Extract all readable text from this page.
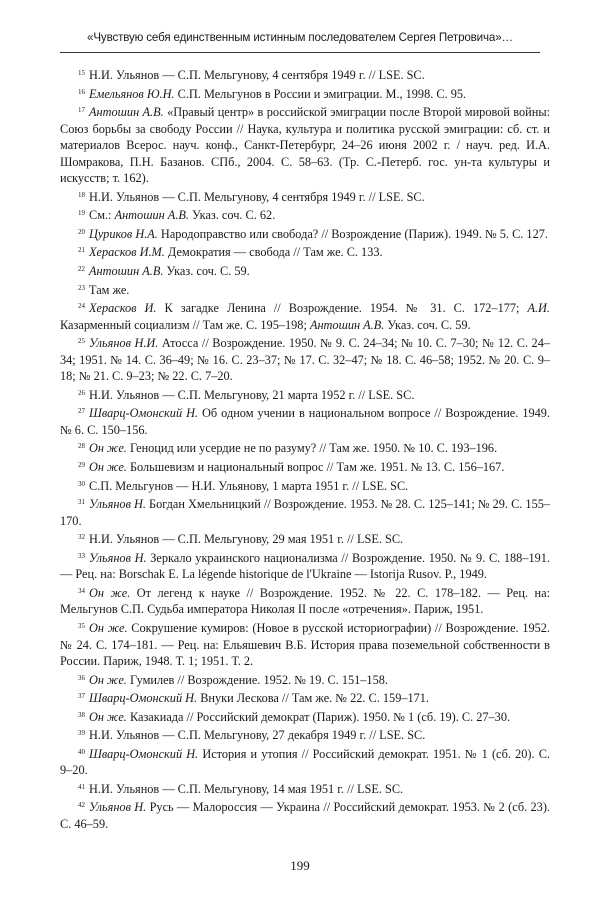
«Чувствую себя единственным истинным последователем Сергея Петровича»…

$^{15}$ Н.И. Ульянов — С.П. Мельгунову, 4 сентября 1949 г. // LSE. SC.

$^{16}$ Емельянов Ю.Н. С.П. Мельгунов в России и эмиграции. М., 1998. С. 95.

$^{17}$ Антошин А.В. «Правый центр» в российской эмиграции после Второй мировой войны: Союз борьбы за свободу России // Наука, культура и политика русской эмиграции: сб. ст. и материалов Всерос. науч. конф., Санкт-Петербург, 24–26 июня 2002 г. / науч. ред. И.А. Шомракова, П.Н. Базанов. СПб., 2004. С. 58–63. (Тр. С.-Петерб. гос. ун-та культуры и искусств; т. 162).

$^{18}$ Н.И. Ульянов — С.П. Мельгунову, 4 сентября 1949 г. // LSE. SC.

$^{19}$ См.: Антошин А.В. Указ. соч. С. 62.

$^{20}$ Цуриков Н.А. Народоправство или свобода? // Возрождение (Париж). 1949. № 5. С. 127.

$^{21}$ Херасков И.М. Демократия — свобода // Там же. С. 133.

$^{22}$ Антошин А.В. Указ. соч. С. 59.

$^{23}$ Там же.

$^{24}$ Херасков И. К загадке Ленина // Возрождение. 1954. № 31. С. 172–177; А.И. Казарменный социализм // Там же. С. 195–198; Антошин А.В. Указ. соч. С. 59.

$^{25}$ Ульянов Н.И. Атосса // Возрождение. 1950. № 9. С. 24–34; № 10. С. 7–30; № 12. С. 24–34; 1951. № 14. С. 36–49; № 16. С. 23–37; № 17. С. 32–47; № 18. С. 46–58; 1952. № 20. С. 9–18; № 21. С. 9–23; № 22. С. 7–20.

$^{26}$ Н.И. Ульянов — С.П. Мельгунову, 21 марта 1952 г. // LSE. SC.

$^{27}$ Шварц-Омонский Н. Об одном учении в национальном вопросе // Возрождение. 1949. № 6. С. 150–156.

$^{28}$ Он же. Геноцид или усердие не по разуму? // Там же. 1950. № 10. С. 193–196.

$^{29}$ Он же. Большевизм и национальный вопрос // Там же. 1951. № 13. С. 156–167.

$^{30}$ С.П. Мельгунов — Н.И. Ульянову, 1 марта 1951 г. // LSE. SC.

$^{31}$ Ульянов Н. Богдан Хмельницкий // Возрождение. 1953. № 28. С. 125–141; № 29. С. 155–170.

$^{32}$ Н.И. Ульянов — С.П. Мельгунову, 29 мая 1951 г. // LSE. SC.

$^{33}$ Ульянов Н. Зеркало украинского национализма // Возрождение. 1950. № 9. С. 188–191. — Рец. на: Borschak E. La légende historique de l'Ukraine — Istorija Rusov. P., 1949.

$^{34}$ Он же. От легенд к науке // Возрождение. 1952. № 22. С. 178–182. — Рец. на: Мельгунов С.П. Судьба императора Николая II после «отречения». Париж, 1951.

$^{35}$ Он же. Сокрушение кумиров: (Новое в русской историографии) // Возрождение. 1952. № 24. С. 174–181. — Рец. на: Ельяшевич В.Б. История права поземельной собственности в России. Париж, 1948. Т. 1; 1951. Т. 2.

$^{36}$ Он же. Гумилев // Возрождение. 1952. № 19. С. 151–158.

$^{37}$ Шварц-Омонский Н. Внуки Лескова // Там же. № 22. С. 159–171.

$^{38}$ Он же. Казакиада // Российский демократ (Париж). 1950. № 1 (сб. 19). С. 27–30.

$^{39}$ Н.И. Ульянов — С.П. Мельгунову, 27 декабря 1949 г. // LSE. SC.

$^{40}$ Шварц-Омонский Н. История и утопия // Российский демократ. 1951. № 1 (сб. 20). С. 9–20.

$^{41}$ Н.И. Ульянов — С.П. Мельгунову, 14 мая 1951 г. // LSE. SC.

$^{42}$ Ульянов Н. Русь — Малороссия — Украина // Российский демократ. 1953. № 2 (сб. 23). С. 46–59.

199
